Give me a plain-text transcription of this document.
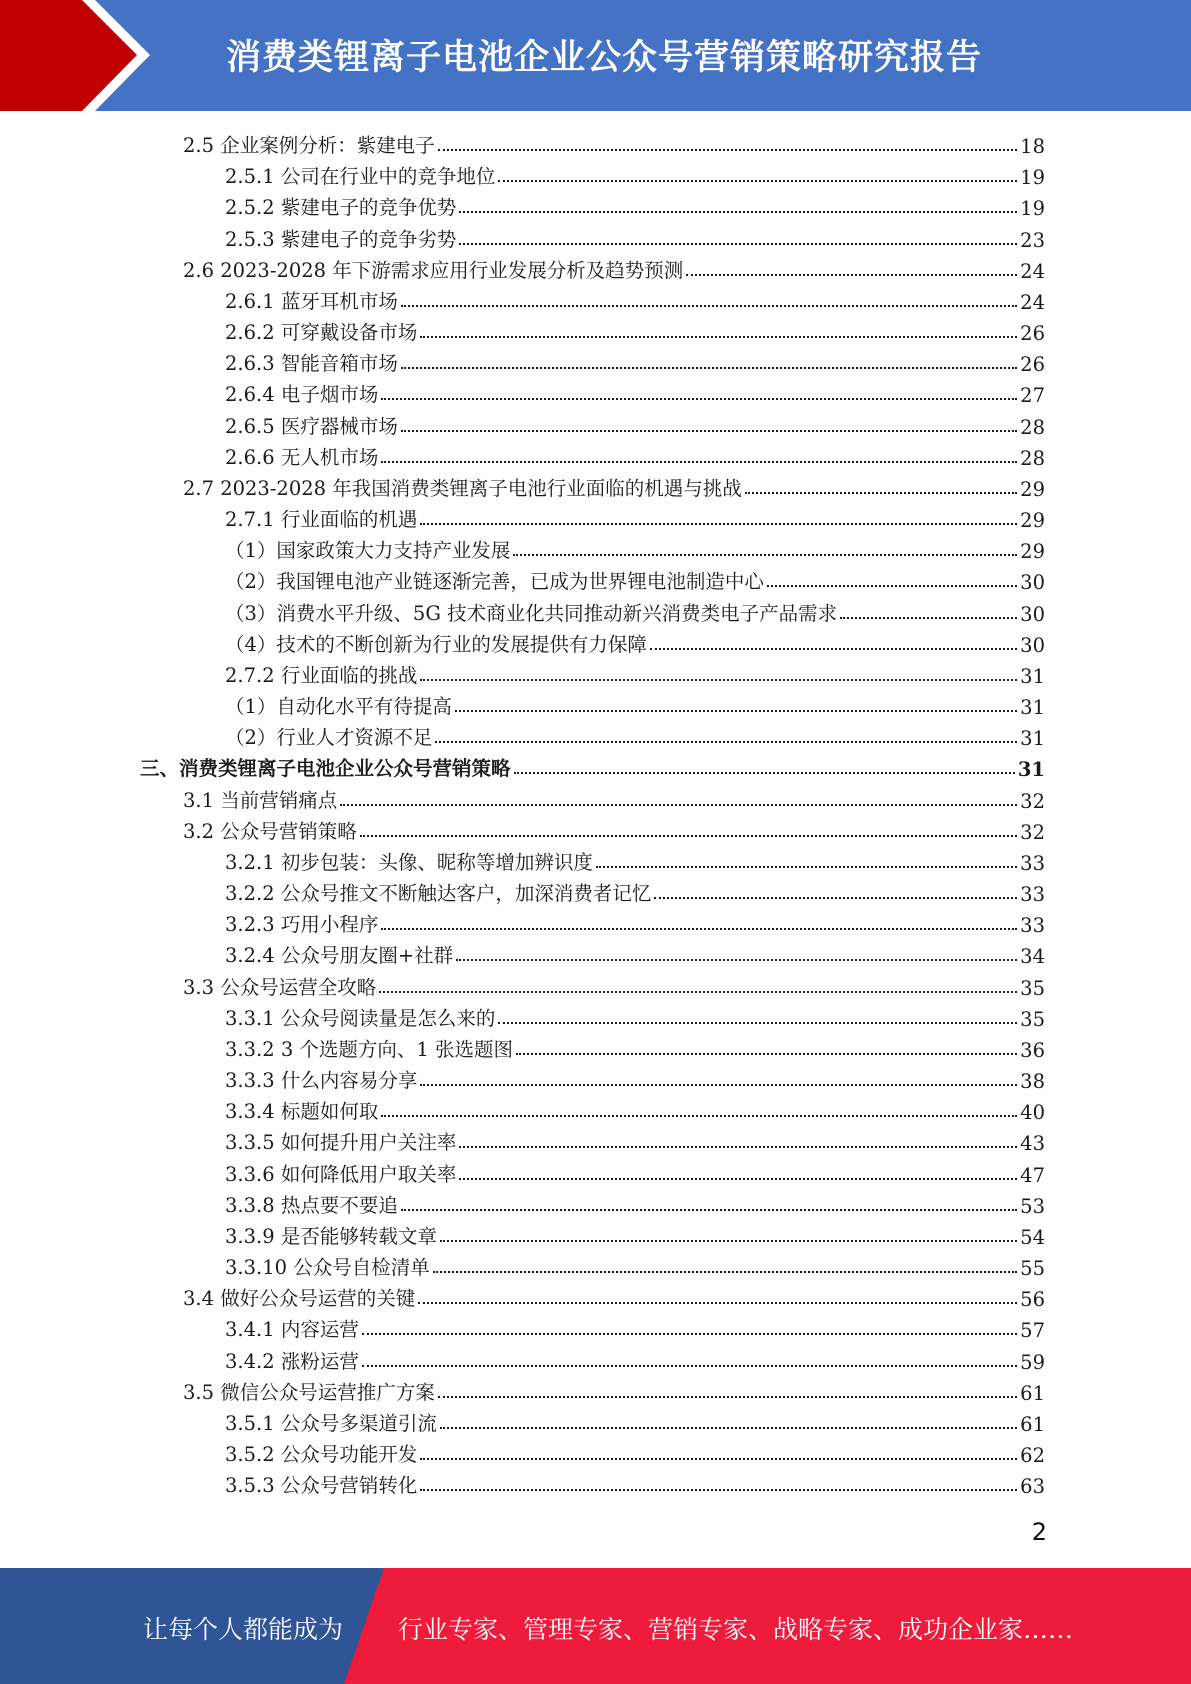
消费类锂离子电池企业公众号营销策略研究报告
2.5 企业案例分析：紫建电子	18
2.5.1 公司在行业中的竞争地位	19
2.5.2 紫建电子的竞争优势	19
2.5.3 紫建电子的竞争劣势	23
2.6 2023-2028 年下游需求应用行业发展分析及趋势预测	24
2.6.1 蓝牙耳机市场	24
2.6.2 可穿戴设备市场	26
2.6.3 智能音箱市场	26
2.6.4 电子烟市场	27
2.6.5 医疗器械市场	28
2.6.6 无人机市场	28
2.7 2023-2028 年我国消费类锂离子电池行业面临的机遇与挑战	29
2.7.1 行业面临的机遇	29
（1）国家政策大力支持产业发展	29
（2）我国锂电池产业链逐渐完善，已成为世界锂电池制造中心	30
（3）消费水平升级、5G 技术商业化共同推动新兴消费类电子产品需求	30
（4）技术的不断创新为行业的发展提供有力保障	30
2.7.2 行业面临的挑战	31
（1）自动化水平有待提高	31
（2）行业人才资源不足	31
三、消费类锂离子电池企业公众号营销策略	31
3.1 当前营销痛点	32
3.2 公众号营销策略	32
3.2.1 初步包装：头像、昵称等增加辨识度	33
3.2.2 公众号推文不断触达客户，加深消费者记忆	33
3.2.3 巧用小程序	33
3.2.4 公众号朋友圈+社群	34
3.3 公众号运营全攻略	35
3.3.1 公众号阅读量是怎么来的	35
3.3.2 3 个选题方向、1 张选题图	36
3.3.3 什么内容易分享	38
3.3.4 标题如何取	40
3.3.5 如何提升用户关注率	43
3.3.6 如何降低用户取关率	47
3.3.8 热点要不要追	53
3.3.9 是否能够转载文章	54
3.3.10 公众号自检清单	55
3.4 做好公众号运营的关键	56
3.4.1 内容运营	57
3.4.2 涨粉运营	59
3.5 微信公众号运营推广方案	61
3.5.1 公众号多渠道引流	61
3.5.2 公众号功能开发	62
3.5.3 公众号营销转化	63
2
让每个人都能成为 行业专家、管理专家、营销专家、战略专家、成功企业家……
